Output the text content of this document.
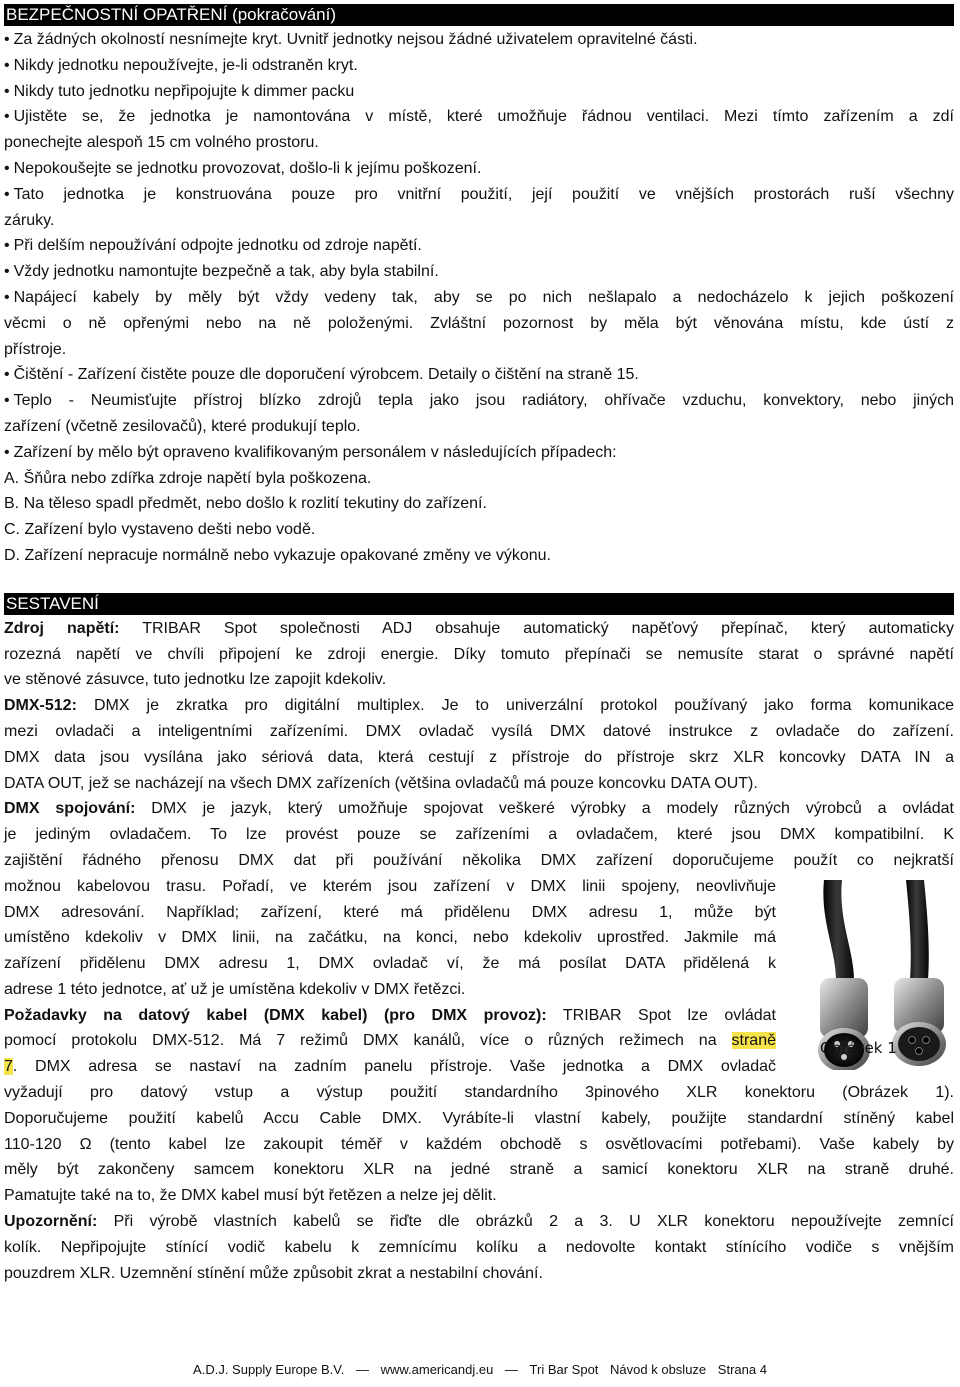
BEZPEČNOSTNÍ OPATŘENÍ (pokračování)
• Za žádných okolností nesnímejte kryt. Uvnitř jednotky nejsou žádné uživatelem opravitelné části.
• Nikdy jednotku nepoužívejte, je-li odstraněn kryt.
• Nikdy tuto jednotku nepřipojujte k dimmer packu
• Ujistěte se, že jednotka je namontována v místě, které umožňuje řádnou ventilaci. Mezi tímto zařízením a zdí
ponechejte alespoň 15 cm volného prostoru.
• Nepokoušejte se jednotku provozovat, došlo-li k jejímu poškození.
• Tato jednotka je konstruována pouze pro vnitřní použití, její použití ve vnějších prostorách ruší všechny
záruky.
• Při delším nepoužívání odpojte jednotku od zdroje napětí.
• Vždy jednotku namontujte bezpečně a tak, aby byla stabilní.
• Napájecí kabely by měly být vždy vedeny tak, aby se po nich nešlapalo a nedocházelo k jejich poškození
věcmi o ně opřenými nebo na ně položenými. Zvláštní pozornost by měla být věnována místu, kde ústí z
přístroje.
• Čištění - Zařízení čistěte pouze dle doporučení výrobcem. Detaily o čištění na straně 15.
• Teplo - Neumisťujte přístroj blízko zdrojů tepla jako jsou radiátory, ohřívače vzduchu, konvektory, nebo jiných
zařízení (včetně zesilovačů), které produkují teplo.
• Zařízení by mělo být opraveno kvalifikovaným personálem v následujících případech:
A. Šňůra nebo zdířka zdroje napětí byla poškozena.
B. Na těleso spadl předmět, nebo došlo k rozlití tekutiny do zařízení.
C. Zařízení bylo vystaveno dešti nebo vodě.
D. Zařízení nepracuje normálně nebo vykazuje opakované změny ve výkonu.
SESTAVENÍ
Zdroj napětí: TRIBAR Spot společnosti ADJ obsahuje automatický napěťový přepínač, který automaticky
rozezná napětí ve chvíli připojení ke zdroji energie. Díky tomuto přepínači se nemusíte starat o správné napětí
ve stěnové zásuvce, tuto jednotku lze zapojit kdekoliv.
DMX-512: DMX je zkratka pro digitální multiplex. Je to univerzální protokol používaný jako forma komunikace
mezi ovladači a inteligentními zařízeními. DMX ovladač vysílá DMX datové instrukce z ovladače do zařízení.
DMX data jsou vysílána jako sériová data, která cestují z přístroje do přístroje skrz XLR koncovky DATA IN a
DATA OUT, jež se nacházejí na všech DMX zařízeních (většina ovladačů má pouze koncovku DATA OUT).
DMX spojování: DMX je jazyk, který umožňuje spojovat veškeré výrobky a modely různých výrobců a ovládat
je jediným ovladačem. To lze provést pouze se zařízeními a ovladačem, které jsou DMX kompatibilní. K
zajištění řádného přenosu DMX dat při používání několika DMX zařízení doporučujeme použít co nejkratší
možnou kabelovou trasu. Pořadí, ve kterém jsou zařízení v DMX linii spojeny, neovlivňuje
DMX adresování. Například; zařízení, které má přidělenu DMX adresu 1, může být
umístěno kdekoliv v DMX linii, na začátku, na konci, nebo kdekoliv uprostřed. Jakmile má
zařízení přidělenu DMX adresu 1, DMX ovladač ví, že má posílat DATA přidělená k
adrese 1 této jednotce, ať už je umístěna kdekoliv v DMX řetězci.
Požadavky na datový kabel (DMX kabel) (pro DMX provoz): TRIBAR Spot lze ovládat
pomocí protokolu DMX-512. Má 7 režimů DMX kanálů, více o různých režimech na straně
7. DMX adresa se nastaví na zadním panelu přístroje. Vaše jednotka a DMX ovladač
vyžadují pro datový vstup a výstup použití standardního 3pinového XLR konektoru (Obrázek 1).
Doporučujeme použití kabelů Accu Cable DMX. Vyrábíte-li vlastní kabely, použijte standardní stíněný kabel
110-120 Ω (tento kabel lze zakoupit téměř v každém obchodě s osvětlovacími potřebami). Vaše kabely by
měly být zakončeny samcem konektoru XLR na jedné straně a samicí konektoru XLR na straně druhé.
Pamatujte také na to, že DMX kabel musí být řetězen a nelze jej dělit.
Upozornění: Při výrobě vlastních kabelů se řiďte dle obrázků 2 a 3. U XLR konektoru nepoužívejte zemnící
kolík. Nepřipojujte stínící vodič kabelu k zemnícímu kolíku a nedovolte kontakt stínícího vodiče s vnějším
pouzdrem XLR. Uzemnění stínění může způsobit zkrat a nestabilní chování.
Obrázek 1
A.D.J. Supply Europe B.V. — www.americandj.eu — Tri Bar Spot Návod k obsluze Strana 4
